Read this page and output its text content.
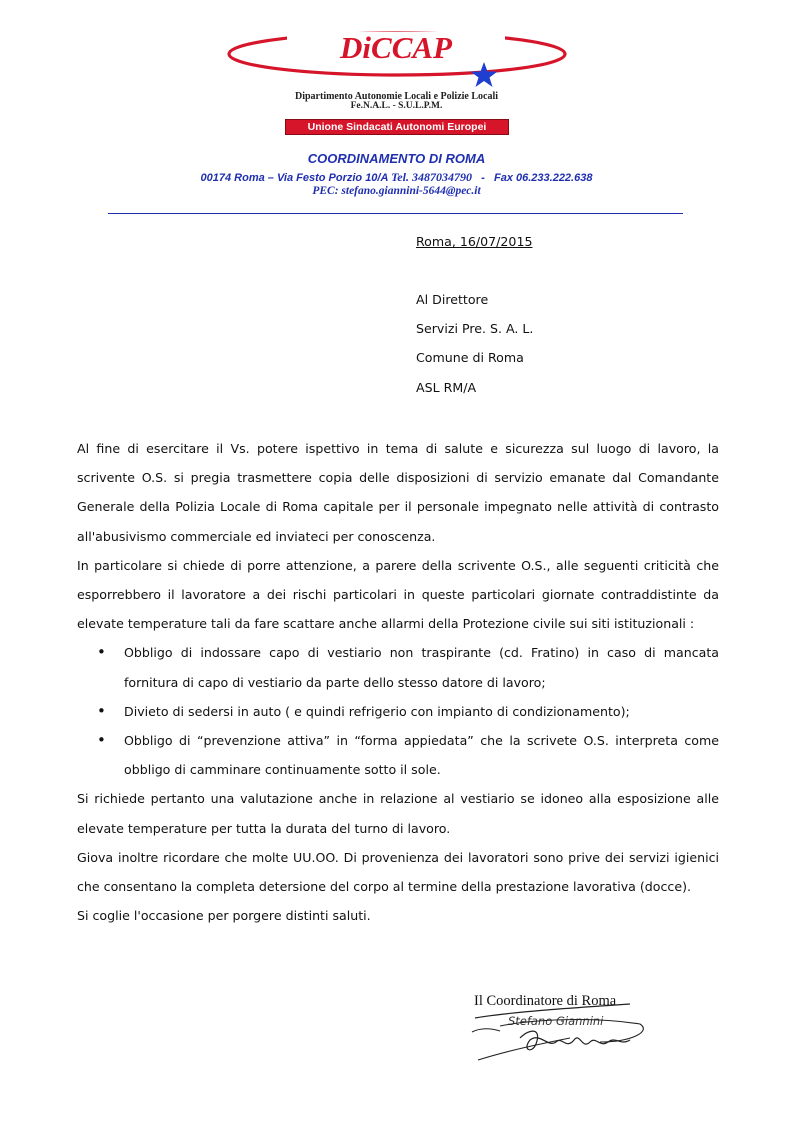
DiCCAP
Dipartimento Autonomie Locali e Polizie Locali
Fe.N.A.L. - S.U.L.P.M.
Unione Sindacati Autonomi Europei
COORDINAMENTO DI ROMA
00174 Roma – Via Festo Porzio 10/A Tel. 3487034790 - Fax 06.233.222.638
PEC: stefano.giannini-5644@pec.it
Roma, 16/07/2015
Al Direttore
Servizi Pre. S. A. L.
Comune di Roma
ASL RM/A

Al fine di esercitare il Vs. potere ispettivo in tema di salute e sicurezza sul luogo di lavoro, la scrivente O.S. si pregia trasmettere copia delle disposizioni di servizio emanate dal Comandante Generale della Polizia Locale di Roma capitale per il personale impegnato nelle attività di contrasto all'abusivismo commerciale ed inviateci per conoscenza.

In particolare si chiede di porre attenzione, a parere della scrivente O.S., alle seguenti criticità che esporrebbero il lavoratore a dei rischi particolari in queste particolari giornate contraddistinte da elevate temperature tali da fare scattare anche allarmi della Protezione civile sui siti istituzionali :

• Obbligo di indossare capo di vestiario non traspirante (cd. Fratino) in caso di mancata fornitura di capo di vestiario da parte dello stesso datore di lavoro;
• Divieto di sedersi in auto ( e quindi refrigerio con impianto di condizionamento);
• Obbligo di “prevenzione attiva” in “forma appiedata” che la scrivete O.S. interpreta come obbligo di camminare continuamente sotto il sole.

Si richiede pertanto una valutazione anche in relazione al vestiario se idoneo alla esposizione alle elevate temperature per tutta la durata del turno di lavoro.

Giova inoltre ricordare che molte UU.OO. Di provenienza dei lavoratori sono prive dei servizi igienici che consentano la completa detersione del corpo al termine della prestazione lavorativa (docce).

Si coglie l'occasione per porgere distinti saluti.

Il Coordinatore di Roma
Stefano Giannini
